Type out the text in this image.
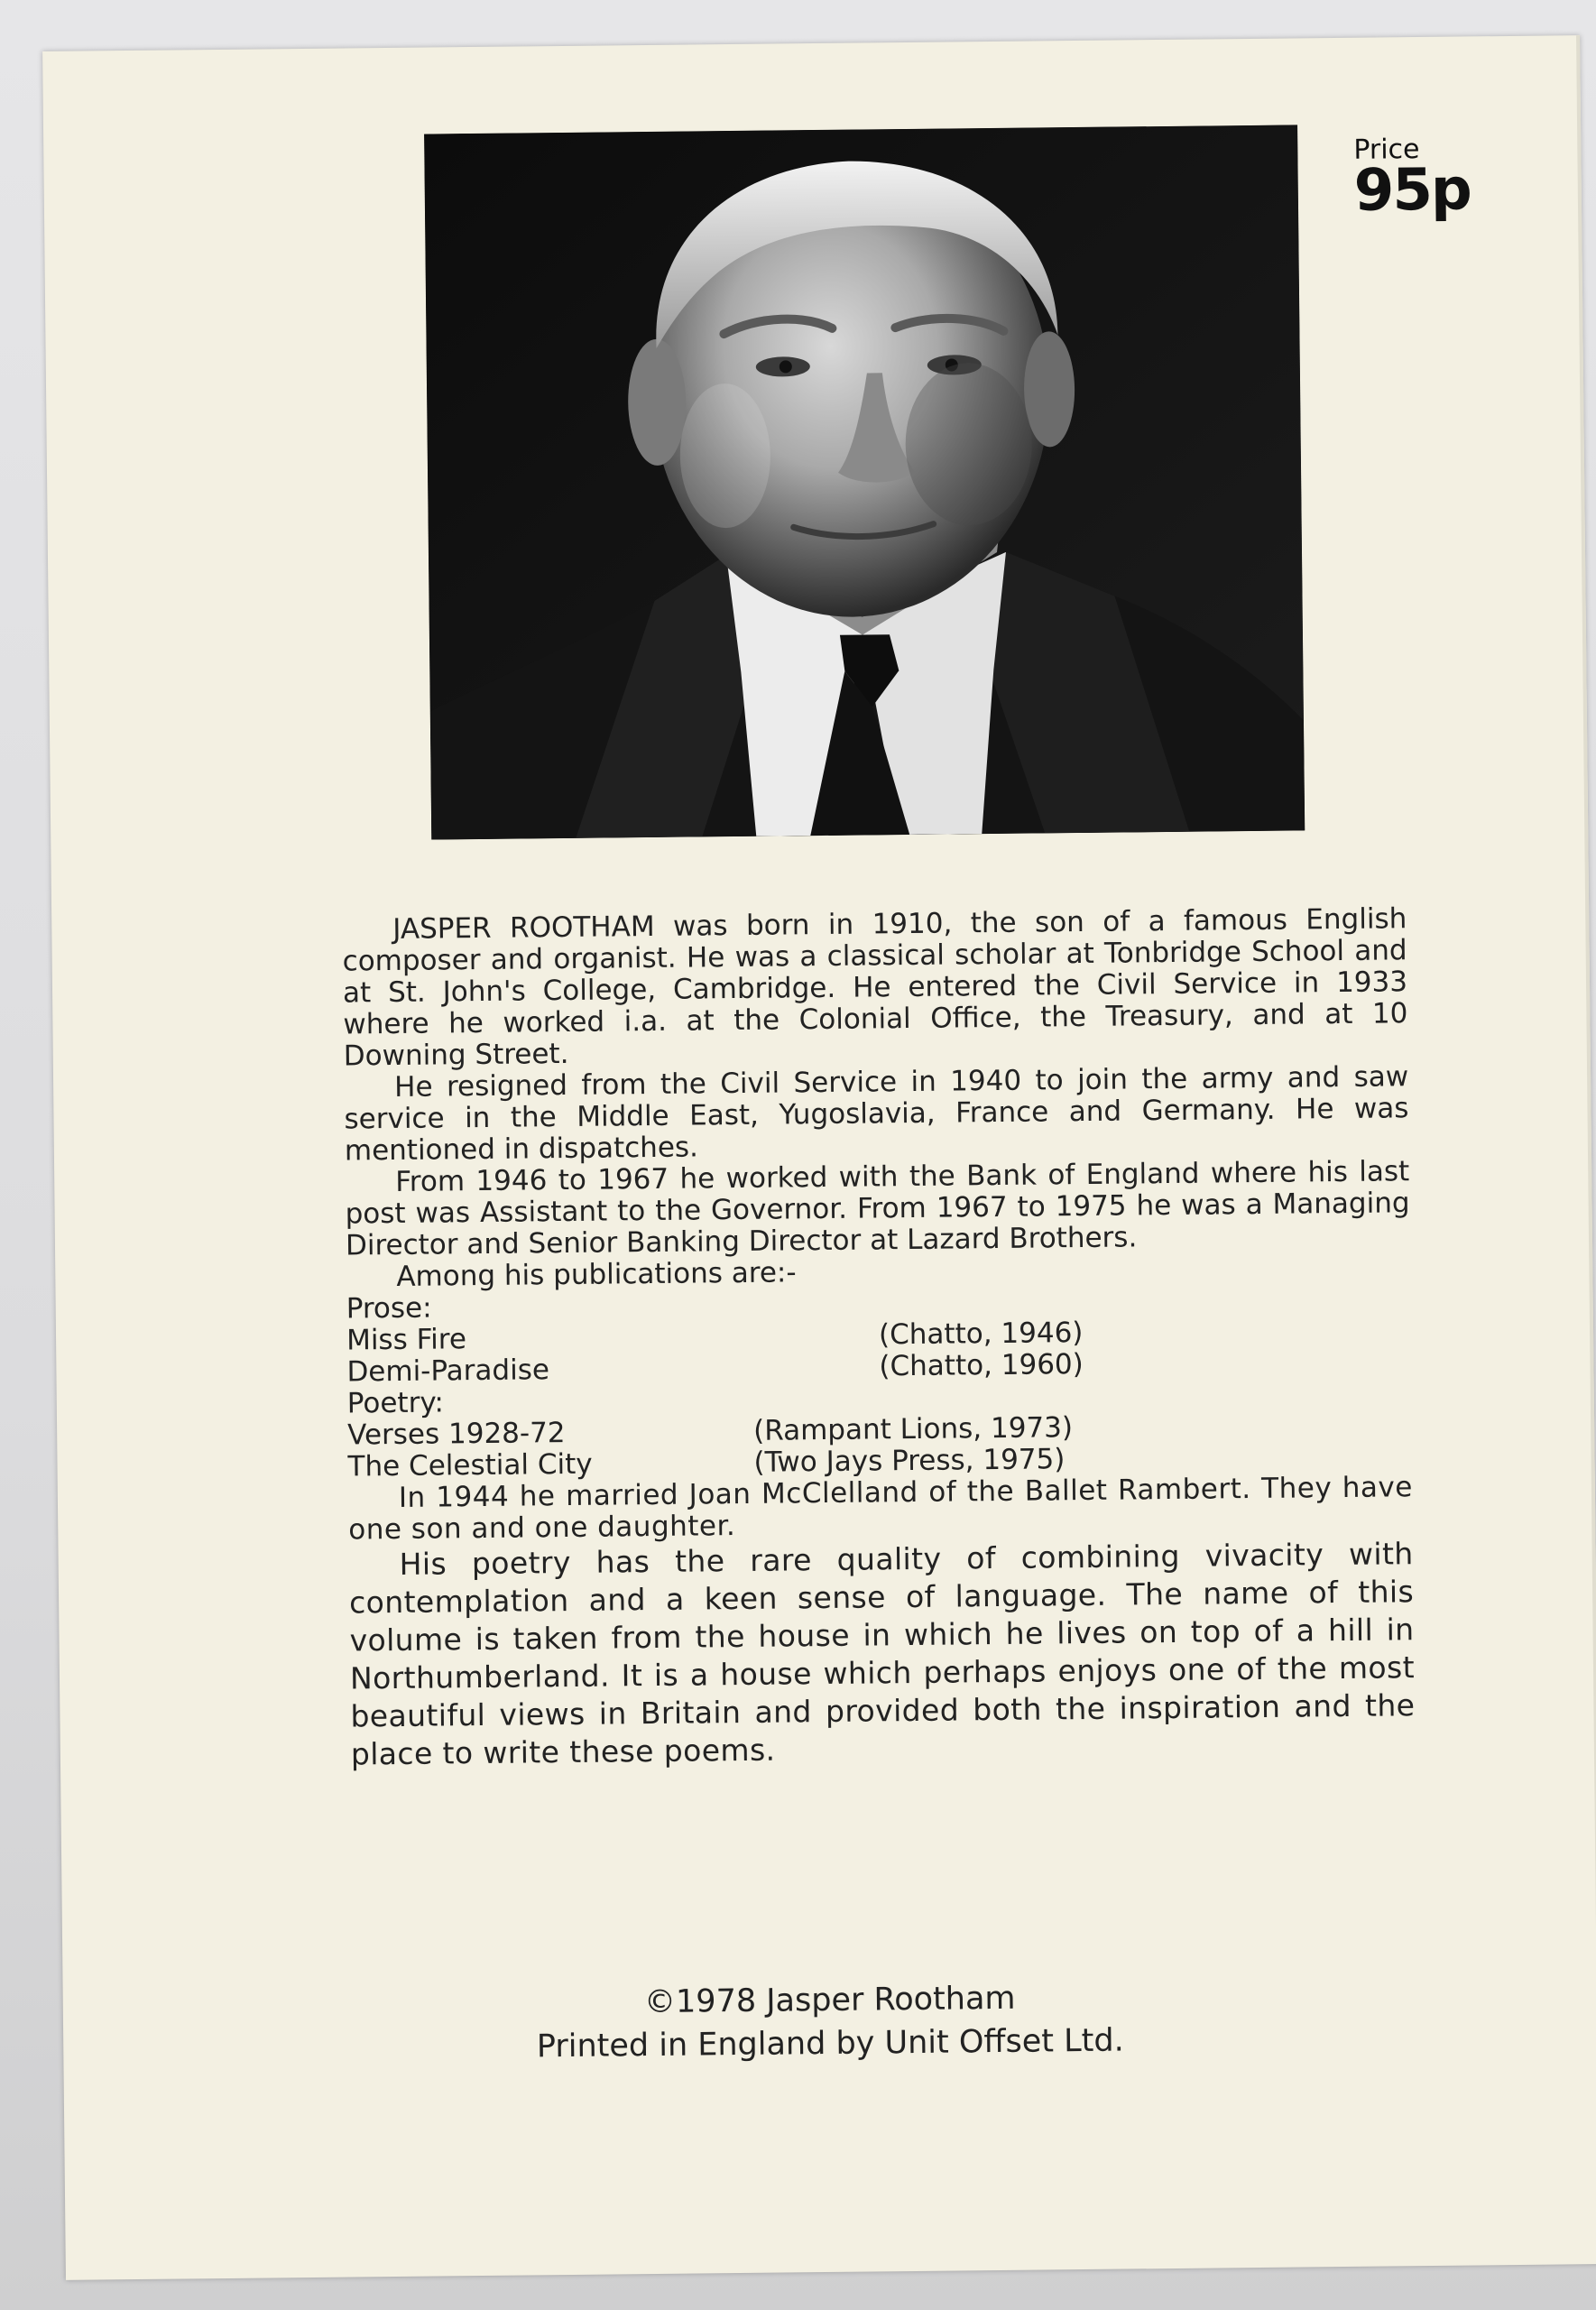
Price
95p

JASPER ROOTHAM was born in 1910, the son of a famous English composer and organist. He was a classical scholar at Tonbridge School and at St. John's College, Cambridge. He entered the Civil Service in 1933 where he worked i.a. at the Colonial Office, the Treasury, and at 10 Downing Street.

He resigned from the Civil Service in 1940 to join the army and saw service in the Middle East, Yugoslavia, France and Germany. He was mentioned in dispatches.

From 1946 to 1967 he worked with the Bank of England where his last post was Assistant to the Governor. From 1967 to 1975 he was a Managing Director and Senior Banking Director at Lazard Brothers.

Among his publications are:-

Prose:

Miss Fire	(Chatto, 1946)
Demi-Paradise	(Chatto, 1960)

Poetry:

Verses 1928-72	(Rampant Lions, 1973)
The Celestial City	(Two Jays Press, 1975)

In 1944 he married Joan McClelland of the Ballet Rambert. They have one son and one daughter.

His poetry has the rare quality of combining vivacity with contemplation and a keen sense of language. The name of this volume is taken from the house in which he lives on top of a hill in Northumberland. It is a house which perhaps enjoys one of the most beautiful views in Britain and provided both the inspiration and the place to write these poems.

©1978 Jasper Rootham
Printed in England by Unit Offset Ltd.
